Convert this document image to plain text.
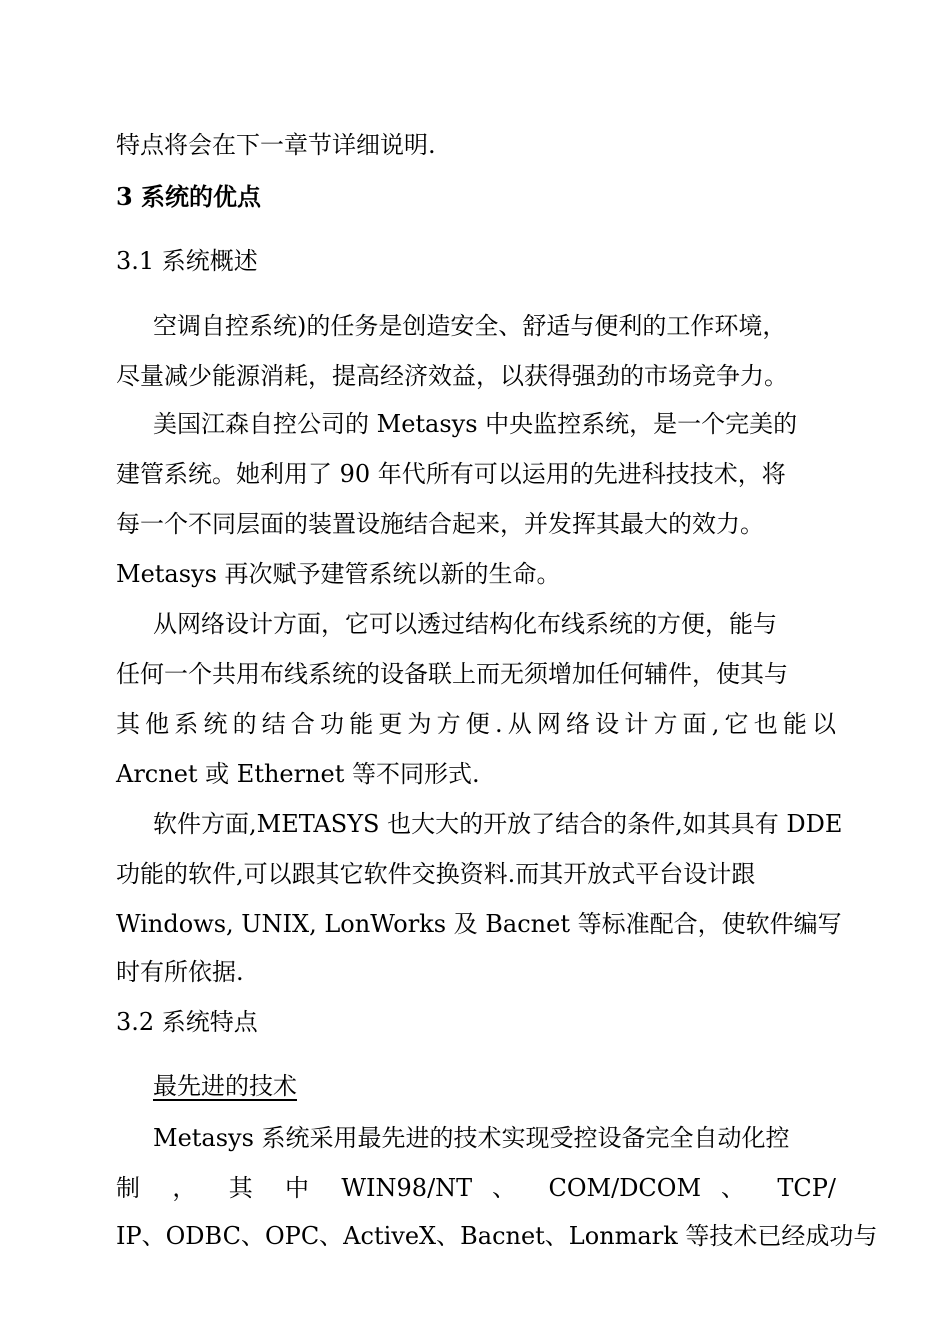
特点将会在下一章节详细说明.
3 系统的优点
3.1 系统概述
空调自控系统)的任务是创造安全、舒适与便利的工作环境，
尽量减少能源消耗，提高经济效益，以获得强劲的市场竞争力。
美国江森自控公司的 Metasys 中央监控系统，是一个完美的
建管系统。她利用了 90 年代所有可以运用的先进科技技术，将
每一个不同层面的装置设施结合起来，并发挥其最大的效力。
Metasys 再次赋予建管系统以新的生命。
从网络设计方面，它可以透过结构化布线系统的方便，能与
任何一个共用布线系统的设备联上而无须增加任何辅件，使其与
其他系统的结合功能更为方便.从网络设计方面,它也能以
Arcnet 或 Ethernet 等不同形式.
软件方面,METASYS 也大大的开放了结合的条件,如其具有 DDE
功能的软件,可以跟其它软件交换资料.而其开放式平台设计跟
Windows, UNIX, LonWorks 及 Bacnet 等标准配合，使软件编写
时有所依据.
3.2 系统特点
最先进的技术
Metasys 系统采用最先进的技术实现受控设备完全自动化控
制 ， 其 中 WIN98/NT 、 COM/DCOM 、 TCP/
IP、ODBC、OPC、ActiveX、Bacnet、Lonmark 等技术已经成功与
